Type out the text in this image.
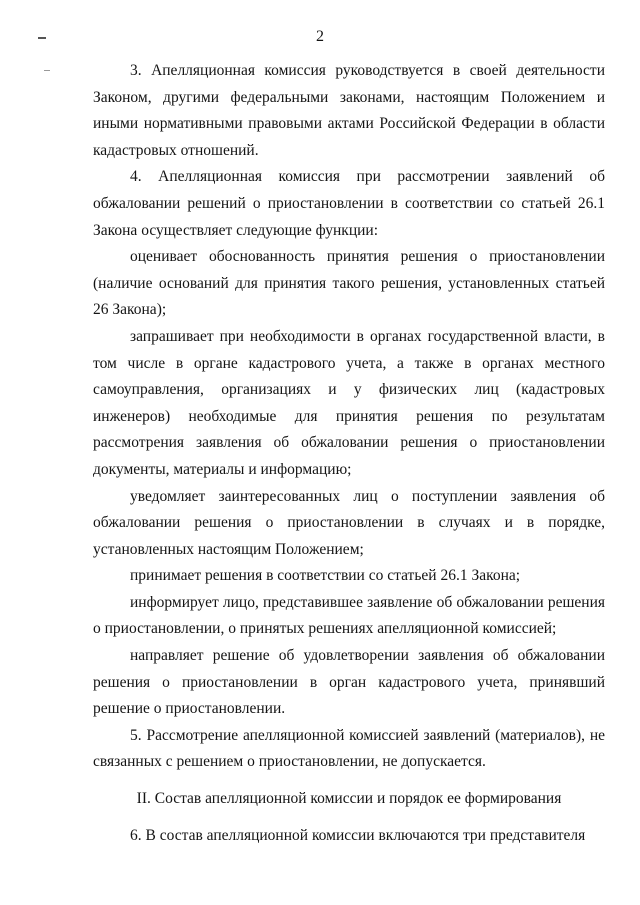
2

3. Апелляционная комиссия руководствуется в своей деятельности Законом, другими федеральными законами, настоящим Положением и иными нормативными правовыми актами Российской Федерации в области кадастровых отношений.

4. Апелляционная комиссия при рассмотрении заявлений об обжаловании решений о приостановлении в соответствии со статьей 26.1 Закона осуществляет следующие функции:

оценивает обоснованность принятия решения о приостановлении (наличие оснований для принятия такого решения, установленных статьей 26 Закона);

запрашивает при необходимости в органах государственной власти, в том числе в органе кадастрового учета, а также в органах местного самоуправления, организациях и у физических лиц (кадастровых инженеров) необходимые для принятия решения по результатам рассмотрения заявления об обжаловании решения о приостановлении документы, материалы и информацию;

уведомляет заинтересованных лиц о поступлении заявления об обжаловании решения о приостановлении в случаях и в порядке, установленных настоящим Положением;

принимает решения в соответствии со статьей 26.1 Закона;

информирует лицо, представившее заявление об обжаловании решения о приостановлении, о принятых решениях апелляционной комиссией;

направляет решение об удовлетворении заявления об обжаловании решения о приостановлении в орган кадастрового учета, принявший решение о приостановлении.

5. Рассмотрение апелляционной комиссией заявлений (материалов), не связанных с решением о приостановлении, не допускается.

II. Состав апелляционной комиссии и порядок ее формирования

6. В состав апелляционной комиссии включаются три представителя
